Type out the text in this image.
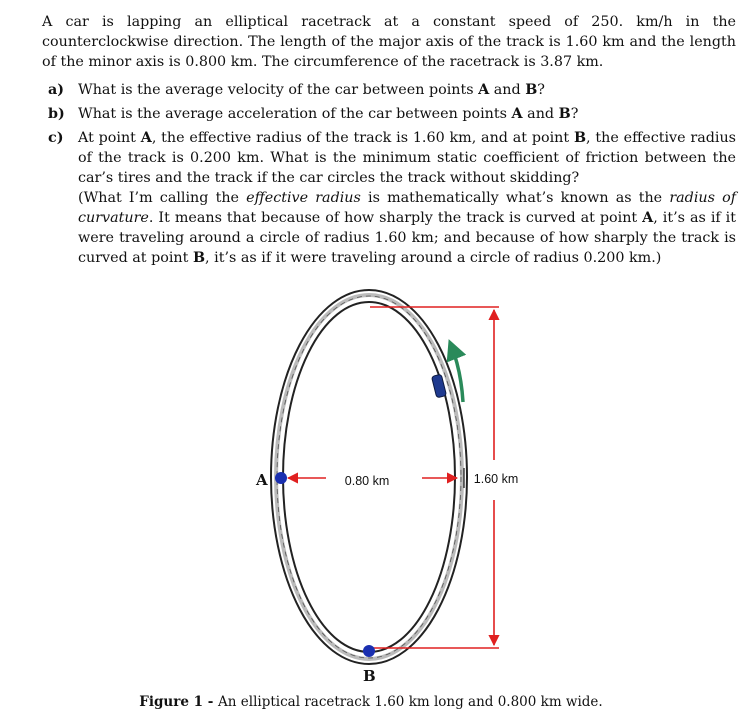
A car is lapping an elliptical racetrack at a constant speed of 250. km/h in the counterclockwise direction. The length of the major axis of the track is 1.60 km and the length of the minor axis is 0.800 km. The circumference of the racetrack is 3.87 km.

a) What is the average velocity of the car between points A and B?
b) What is the average acceleration of the car between points A and B?
c) At point A, the effective radius of the track is 1.60 km, and at point B, the effective radius of the track is 0.200 km. What is the minimum static coefficient of friction between the car’s tires and the track if the car circles the track without skidding?

(What I’m calling the effective radius is mathematically what’s known as the radius of curvature. It means that because of how sharply the track is curved at point A, it’s as if it were traveling around a circle of radius 1.60 km; and because of how sharply the track is curved at point B, it’s as if it were traveling around a circle of radius 0.200 km.)

0.80 km	1.60 km
A
B
Figure 1 - An elliptical racetrack 1.60 km long and 0.800 km wide.
